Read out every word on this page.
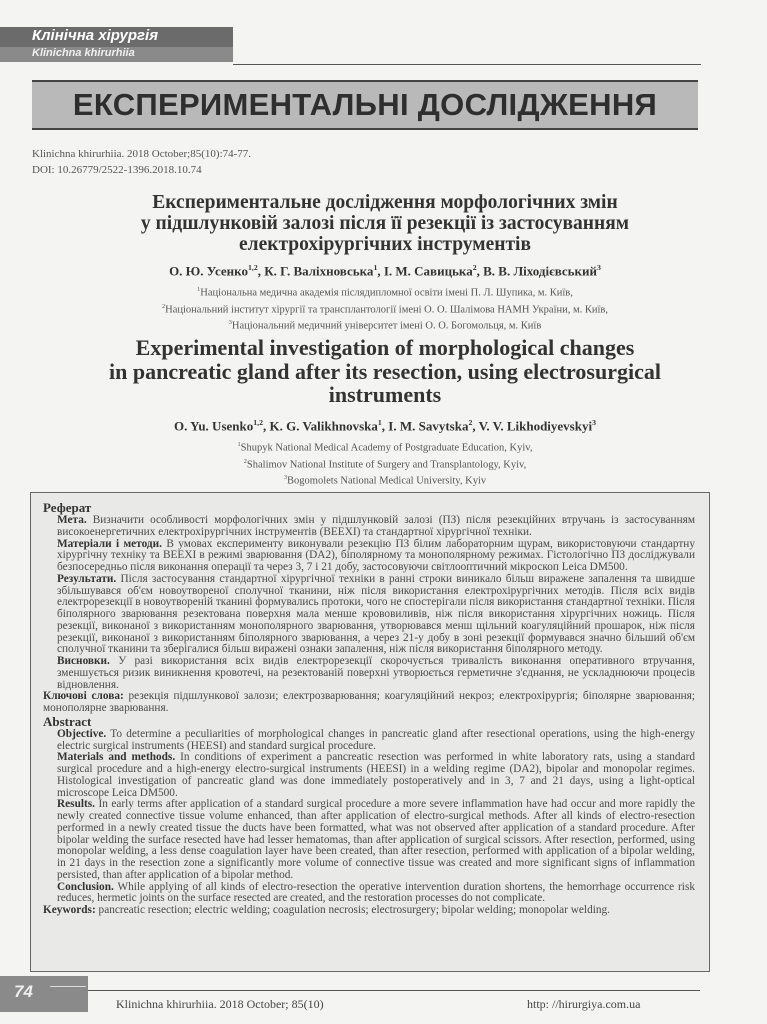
Клінічна хірургія
Klinichna khirurhiia
ЕКСПЕРИМЕНТАЛЬНІ ДОСЛІДЖЕННЯ
Klinichna khirurhiia. 2018 October;85(10):74-77.
DOI: 10.26779/2522-1396.2018.10.74
Експериментальне дослідження морфологічних змін
у підшлунковій залозі після її резекції із застосуванням
електрохірургічних інструментів
О. Ю. Усенко$^{1,2}$, К. Г. Валіхновська$^1$, І. М. Савицька$^2$, В. В. Ліходієвський$^3$
$^1$Національна медична академія післядипломної освіти імені П. Л. Шупика, м. Київ,
$^2$Національний інститут хірургії та трансплантології імені О. О. Шалімова НАМН України, м. Київ,
$^3$Національний медичний університет імені О. О. Богомольця, м. Київ
Experimental investigation of morphological changes
in pancreatic gland after its resection, using electrosurgical
instruments
O. Yu. Usenko$^{1,2}$, K. G. Valikhnovska$^1$, I. M. Savytska$^2$, V. V. Likhodiyevskyi$^3$
$^1$Shupyk National Medical Academy of Postgraduate Education, Kyiv,
$^2$Shalimov National Institute of Surgery and Transplantology, Kyiv,
$^3$Bogomolets National Medical University, Kyiv
Реферат

Мета. Визначити особливості морфологічних змін у підшлунковій залозі (ПЗ) після резекційних втручань із застосуванням високоенергетичних електрохірургічних інструментів (ВЕЕХІ) та стандартної хірургічної техніки.

Матеріали і методи. В умовах експерименту виконували резекцію ПЗ білим лабораторним щурам, використовуючи стандартну хірургічну техніку та ВЕЕХІ в режимі зварювання (DA2), біполярному та монополярному режимах. Гістологічно ПЗ досліджували безпосередньо після виконання операції та через 3, 7 і 21 добу, застосовуючи світлооптичний мікроскоп Leica DM500.

Результати. Після застосування стандартної хірургічної техніки в ранні строки виникало більш виражене запалення та швидше збільшувався об'єм новоутвореної сполучної тканини, ніж після використання електрохірургічних методів. Після всіх видів електрорезекції в новоутвореній тканині формувались протоки, чого не спостерігали після використання стандартної техніки. Після біполярного зварювання резектована поверхня мала менше крововиливів, ніж після використання хірургічних ножиць. Після резекції, виконаної з використанням монополярного зварювання, утворювався менш щільний коагуляційний прошарок, ніж після резекції, виконаної з використанням біполярного зварювання, а через 21‑у добу в зоні резекції формувався значно більший об'єм сполучної тканини та зберігалися більш виражені ознаки запалення, ніж після використання біполярного методу.

Висновки. У разі використання всіх видів електрорезекції скорочується тривалість виконання оперативного втручання, зменшується ризик виникнення кровотечі, на резектованій поверхні утворюється герметичне з'єднання, не ускладнюючи процесів відновлення.

Ключові слова: резекція підшлункової залози; електрозварювання; коагуляційний некроз; електрохірургія; біполярне зварювання; монополярне зварювання.

Abstract

Objective. To determine a peculiarities of morphological changes in pancreatic gland after resectional operations, using the high‑energy electric surgical instruments (HEESI) and standard surgical procedure.

Materials and methods. In conditions of experiment a pancreatic resection was performed in white laboratory rats, using a standard surgical procedure and a high‑energy electro‑surgical instruments (HEESI) in a welding regime (DA2), bipolar and monopolar regimes. Histological investigation of pancreatic gland was done immediately postoperatively and in 3, 7 and 21 days, using a light‑optical microscope Leica DM500.

Results. In early terms after application of a standard surgical procedure a more severe inflammation have had occur and more rapidly the newly created connective tissue volume enhanced, than after application of electro‑surgical methods. After all kinds of electro‑resection performed in a newly created tissue the ducts have been formatted, what was not observed after application of a standard procedure. After bipolar welding the surface resected have had lesser hematomas, than after application of surgical scissors. After resection, performed, using monopolar welding, a less dense coagulation layer have been created, than after resection, performed with application of a bipolar welding, in 21 days in the resection zone a significantly more volume of connective tissue was created and more significant signs of inflammation persisted, than after application of a bipolar method.

Conclusion. While applying of all kinds of electro‑resection the operative intervention duration shortens, the hemorrhage occurrence risk reduces, hermetic joints on the surface resected are created, and the restoration processes do not complicate.

Keywords: pancreatic resection; electric welding; coagulation necrosis; electrosurgery; bipolar welding; monopolar welding.

74
Klinichna khirurhiia. 2018 October; 85(10)	http: //hirurgiya.com.ua
